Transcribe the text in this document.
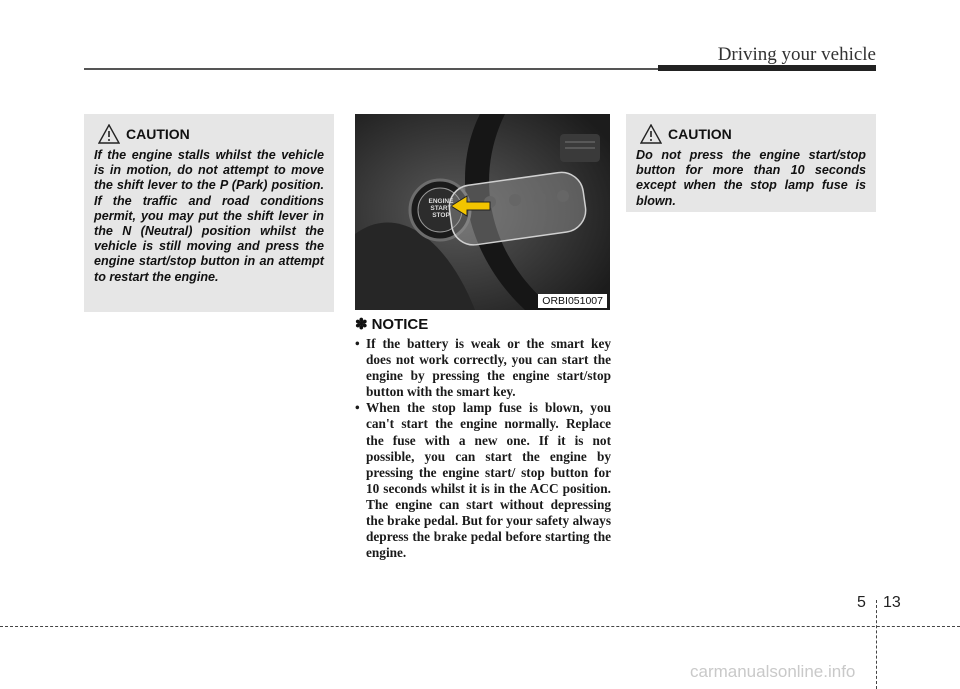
Driving your vehicle
CAUTION
If the engine stalls whilst the vehicle is in motion, do not attempt to move the shift lever to the P (Park) position. If the traffic and road conditions permit, you may put the shift lever in the N (Neutral) position whilst the vehicle is still moving and press the engine start/stop button in an attempt to restart the engine.
ENGINE
START
STOP
ORBI051007
✽ NOTICE
• If the battery is weak or the smart key does not work correctly, you can start the engine by pressing the engine start/stop button with the smart key.
• When the stop lamp fuse is blown, you can't start the engine normally. Replace the fuse with a new one. If it is not possible, you can start the engine by pressing the engine start/ stop button for 10 seconds whilst it is in the ACC position. The engine can start without depressing the brake pedal. But for your safety always depress the brake pedal before starting the engine.
CAUTION
Do not press the engine start/stop button for more than 10 seconds except when the stop lamp fuse is blown.
5 13
carmanualsonline.info
